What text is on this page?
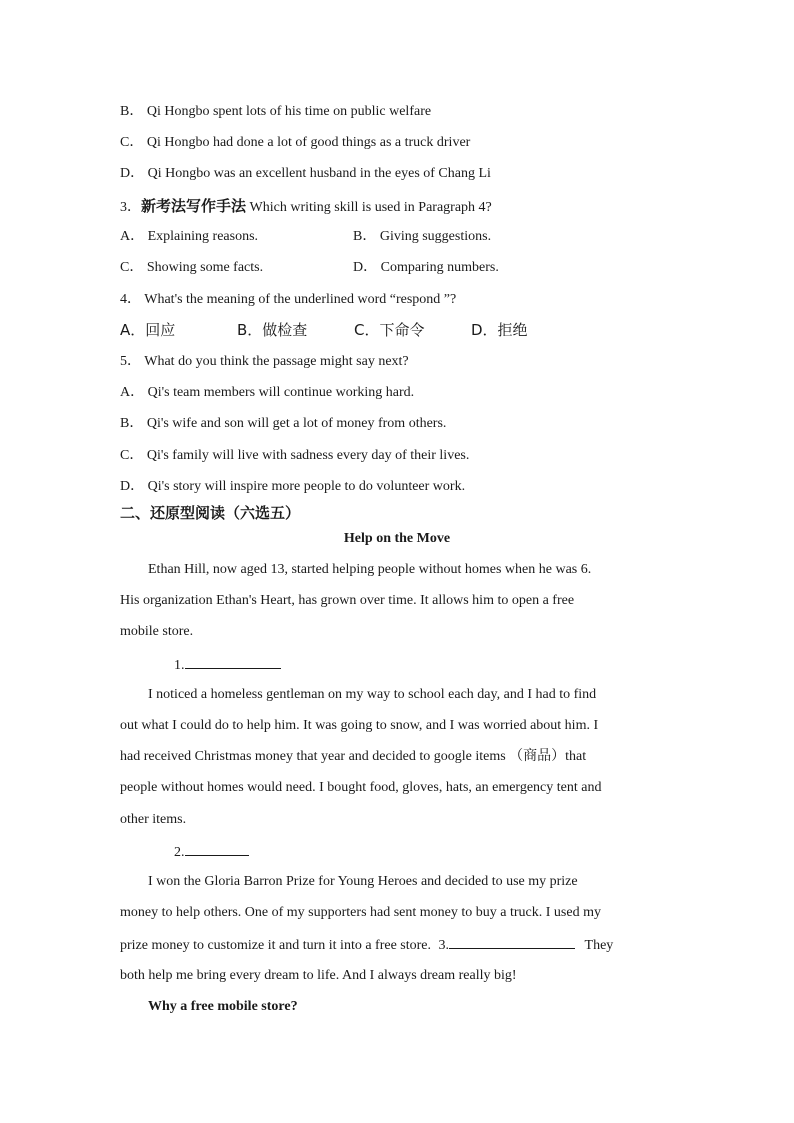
B． Qi Hongbo spent lots of his time on public welfare
C． Qi Hongbo had done a lot of good things as a truck driver
D． Qi Hongbo was an excellent husband in the eyes of Chang Li
3．新考法写作手法 Which writing skill is used in Paragraph 4?
A． Explaining reasons.	B． Giving suggestions.
C． Showing some facts.	D． Comparing numbers.
4． What's the meaning of the underlined word “respond ”?
A．回应	B．做检查	C．下命令	D．拒绝
5． What do you think the passage might say next?
A． Qi's team members will continue working hard.
B． Qi's wife and son will get a lot of money from others.
C． Qi's family will live with sadness every day of their lives.
D． Qi's story will inspire more people to do volunteer work.
二、还原型阅读（六选五）
Help on the Move
Ethan Hill, now aged 13, started helping people without homes when he was 6.
His organization Ethan's Heart, has grown over time. It allows him to open a free
mobile store.
1.
I noticed a homeless gentleman on my way to school each day, and I had to find
out what I could do to help him. It was going to snow, and I was worried about him. I
had received Christmas money that year and decided to google items （商品）that
people without homes would need. I bought food, gloves, hats, an emergency tent and
other items.
2.
I won the Gloria Barron Prize for Young Heroes and decided to use my prize
money to help others. One of my supporters had sent money to buy a truck. I used my
prize money to customize it and turn it into a free store. 3.	They
both help me bring every dream to life. And I always dream really big!
Why a free mobile store?
